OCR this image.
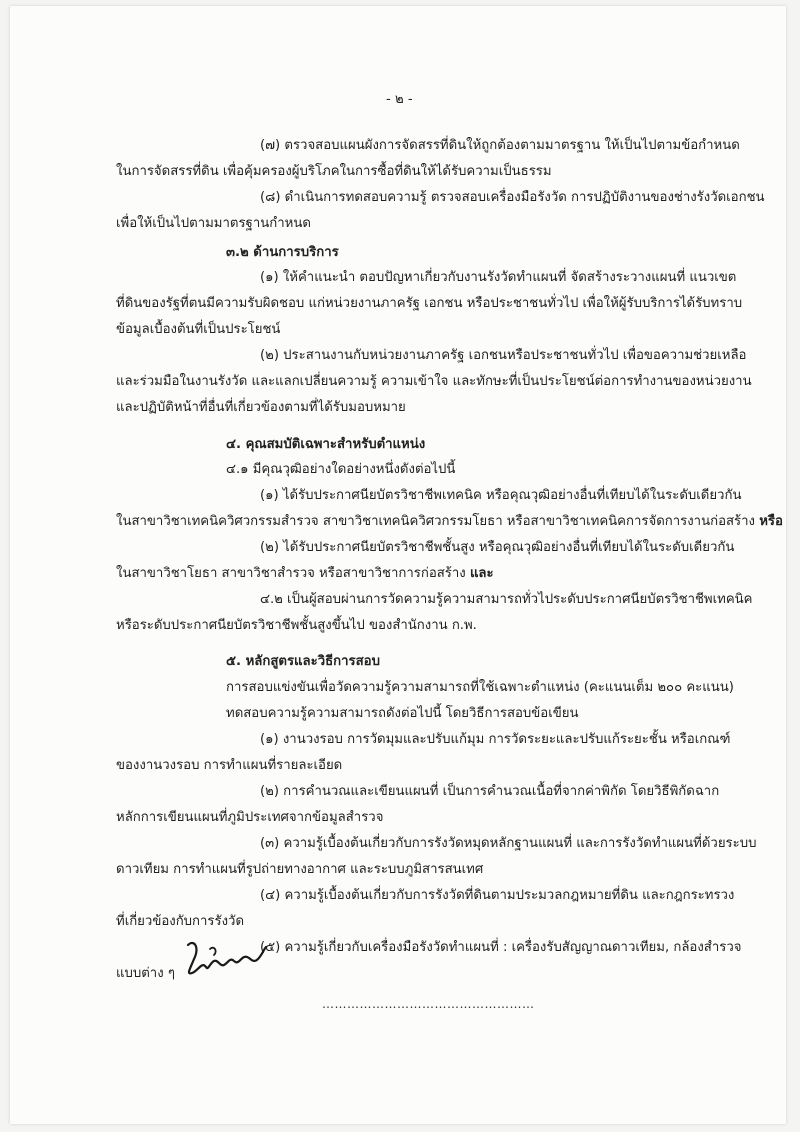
- ๒ -
(๗) ตรวจสอบแผนผังการจัดสรรที่ดินให้ถูกต้องตามมาตรฐาน ให้เป็นไปตามข้อกำหนด
ในการจัดสรรที่ดิน เพื่อคุ้มครองผู้บริโภคในการซื้อที่ดินให้ได้รับความเป็นธรรม
(๘) ดำเนินการทดสอบความรู้ ตรวจสอบเครื่องมือรังวัด การปฏิบัติงานของช่างรังวัดเอกชน
เพื่อให้เป็นไปตามมาตรฐานกำหนด
๓.๒ ด้านการบริการ
(๑) ให้คำแนะนำ ตอบปัญหาเกี่ยวกับงานรังวัดทำแผนที่ จัดสร้างระวางแผนที่ แนวเขต
ที่ดินของรัฐที่ตนมีความรับผิดชอบ แก่หน่วยงานภาครัฐ เอกชน หรือประชาชนทั่วไป เพื่อให้ผู้รับบริการได้รับทราบ
ข้อมูลเบื้องต้นที่เป็นประโยชน์
(๒) ประสานงานกับหน่วยงานภาครัฐ เอกชนหรือประชาชนทั่วไป เพื่อขอความช่วยเหลือ
และร่วมมือในงานรังวัด และแลกเปลี่ยนความรู้ ความเข้าใจ และทักษะที่เป็นประโยชน์ต่อการทำงานของหน่วยงาน
และปฏิบัติหน้าที่อื่นที่เกี่ยวข้องตามที่ได้รับมอบหมาย
๔. คุณสมบัติเฉพาะสำหรับตำแหน่ง
๔.๑ มีคุณวุฒิอย่างใดอย่างหนึ่งดังต่อไปนี้
(๑) ได้รับประกาศนียบัตรวิชาชีพเทคนิค หรือคุณวุฒิอย่างอื่นที่เทียบได้ในระดับเดียวกัน
ในสาขาวิชาเทคนิควิศวกรรมสำรวจ สาขาวิชาเทคนิควิศวกรรมโยธา หรือสาขาวิชาเทคนิคการจัดการงานก่อสร้าง หรือ
(๒) ได้รับประกาศนียบัตรวิชาชีพชั้นสูง หรือคุณวุฒิอย่างอื่นที่เทียบได้ในระดับเดียวกัน
ในสาขาวิชาโยธา สาขาวิชาสำรวจ หรือสาขาวิชาการก่อสร้าง และ
๔.๒ เป็นผู้สอบผ่านการวัดความรู้ความสามารถทั่วไประดับประกาศนียบัตรวิชาชีพเทคนิค
หรือระดับประกาศนียบัตรวิชาชีพชั้นสูงขึ้นไป ของสำนักงาน ก.พ.
๕. หลักสูตรและวิธีการสอบ
การสอบแข่งขันเพื่อวัดความรู้ความสามารถที่ใช้เฉพาะตำแหน่ง (คะแนนเต็ม ๒๐๐ คะแนน)
ทดสอบความรู้ความสามารถดังต่อไปนี้ โดยวิธีการสอบข้อเขียน
(๑) งานวงรอบ การวัดมุมและปรับแก้มุม การวัดระยะและปรับแก้ระยะชั้น หรือเกณฑ์
ของงานวงรอบ การทำแผนที่รายละเอียด
(๒) การคำนวณและเขียนแผนที่ เป็นการคำนวณเนื้อที่จากค่าพิกัด โดยวิธีพิกัดฉาก
หลักการเขียนแผนที่ภูมิประเทศจากข้อมูลสำรวจ
(๓) ความรู้เบื้องต้นเกี่ยวกับการรังวัดหมุดหลักฐานแผนที่ และการรังวัดทำแผนที่ด้วยระบบ
ดาวเทียม การทำแผนที่รูปถ่ายทางอากาศ และระบบภูมิสารสนเทศ
(๔) ความรู้เบื้องต้นเกี่ยวกับการรังวัดที่ดินตามประมวลกฎหมายที่ดิน และกฎกระทรวง
ที่เกี่ยวข้องกับการรังวัด
(๕) ความรู้เกี่ยวกับเครื่องมือรังวัดทำแผนที่ : เครื่องรับสัญญาณดาวเทียม, กล้องสำรวจ
แบบต่าง ๆ
……………………………………………
